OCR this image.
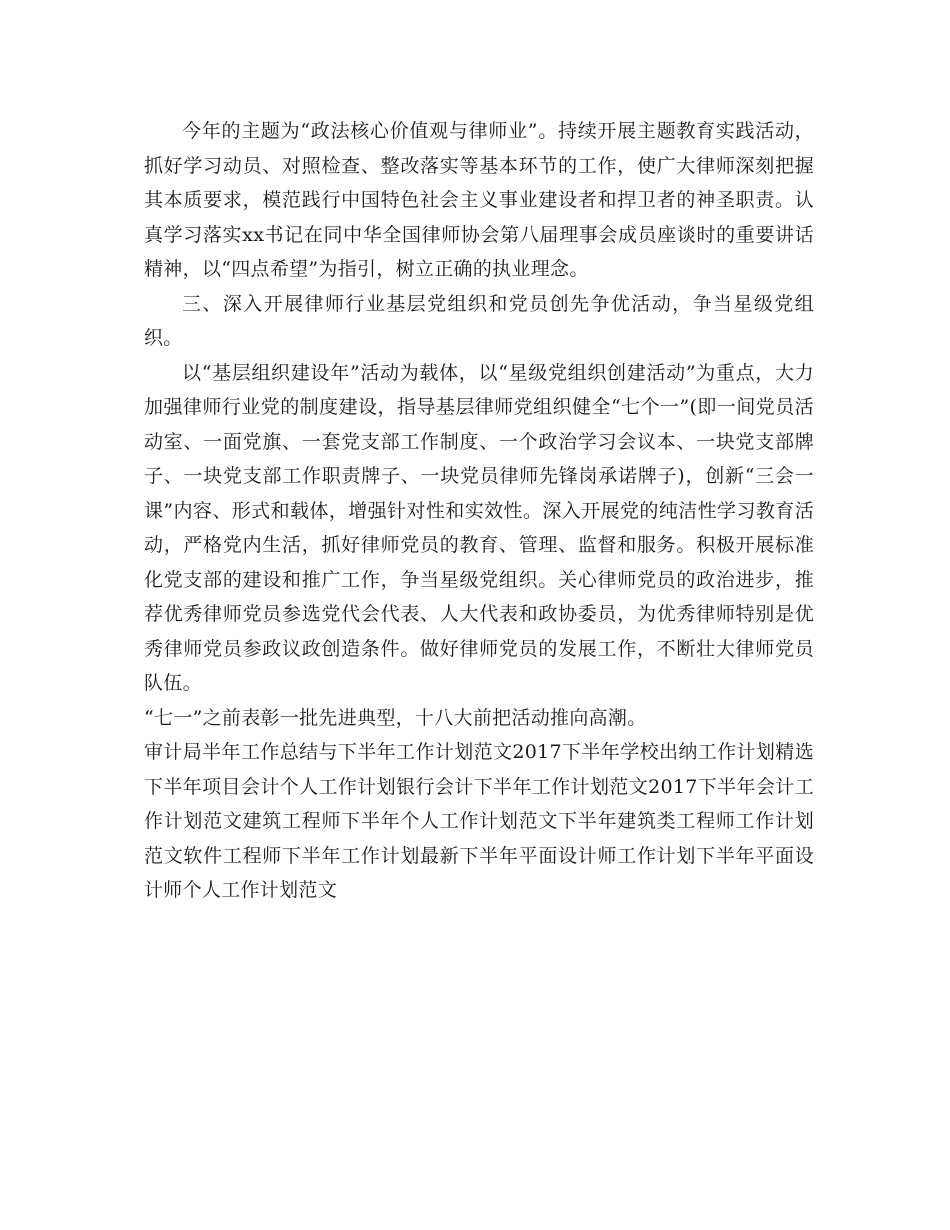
今年的主题为“政法核心价值观与律师业”。持续开展主题教育实践活动，抓好学习动员、对照检查、整改落实等基本环节的工作，使广大律师深刻把握其本质要求，模范践行中国特色社会主义事业建设者和捍卫者的神圣职责。认真学习落实xx书记在同中华全国律师协会第八届理事会成员座谈时的重要讲话精神，以“四点希望”为指引，树立正确的执业理念。

三、深入开展律师行业基层党组织和党员创先争优活动，争当星级党组织。

以“基层组织建设年”活动为载体，以“星级党组织创建活动”为重点，大力加强律师行业党的制度建设，指导基层律师党组织健全“七个一”(即一间党员活动室、一面党旗、一套党支部工作制度、一个政治学习会议本、一块党支部牌子、一块党支部工作职责牌子、一块党员律师先锋岗承诺牌子)，创新“三会一课”内容、形式和载体，增强针对性和实效性。深入开展党的纯洁性学习教育活动，严格党内生活，抓好律师党员的教育、管理、监督和服务。积极开展标准化党支部的建设和推广工作，争当星级党组织。关心律师党员的政治进步，推荐优秀律师党员参选党代会代表、人大代表和政协委员，为优秀律师特别是优秀律师党员参政议政创造条件。做好律师党员的发展工作，不断壮大律师党员队伍。

“七一”之前表彰一批先进典型，十八大前把活动推向高潮。

审计局半年工作总结与下半年工作计划范文2017下半年学校出纳工作计划精选下半年项目会计个人工作计划银行会计下半年工作计划范文2017下半年会计工作计划范文建筑工程师下半年个人工作计划范文下半年建筑类工程师工作计划范文软件工程师下半年工作计划最新下半年平面设计师工作计划下半年平面设计师个人工作计划范文
